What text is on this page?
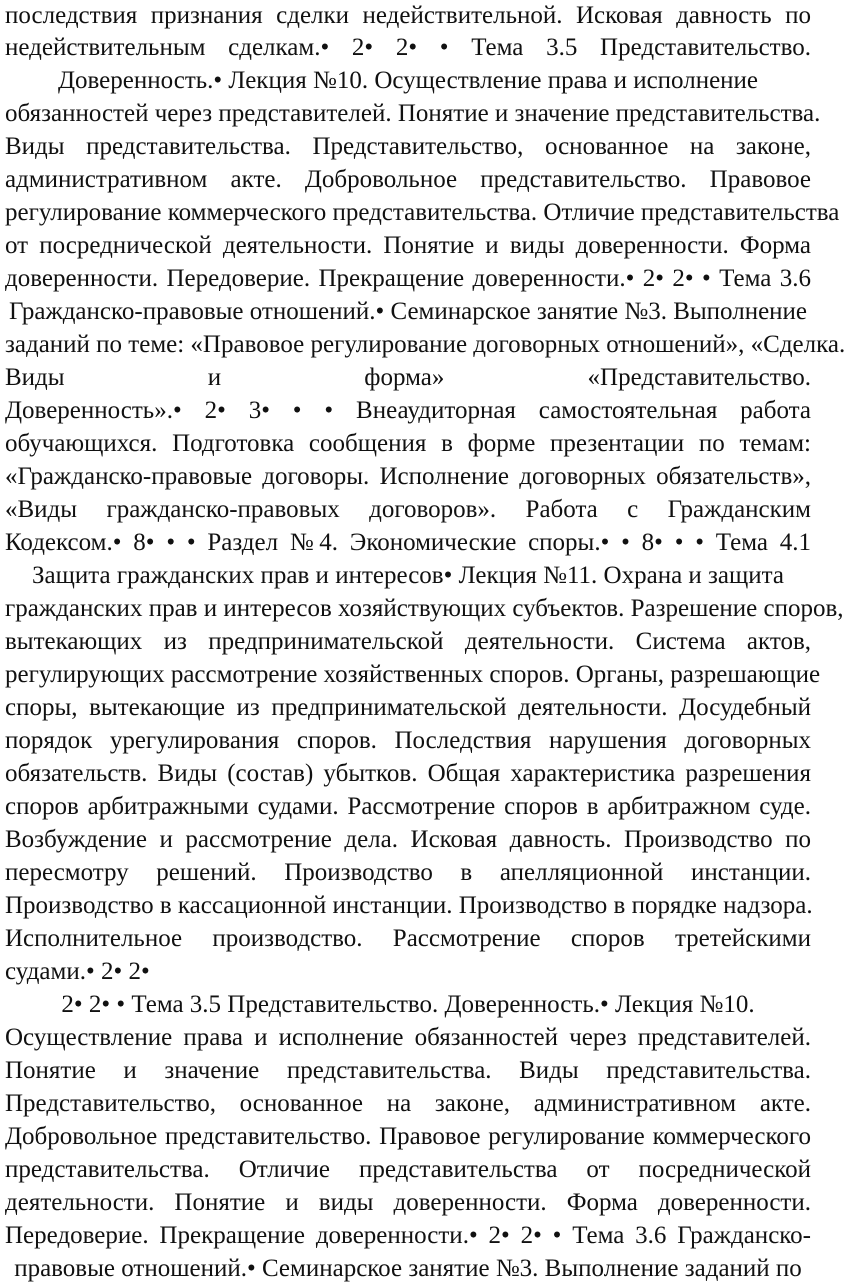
последствия признания сделки недействительной. Исковая давность по
недействительным сделкам.• 2• 2• • Тема 3.5 Представительство.
Доверенность.• Лекция №10. Осуществление права и исполнение
обязанностей через представителей. Понятие и значение представительства.
Виды представительства. Представительство, основанное на законе,
административном акте. Добровольное представительство. Правовое
регулирование коммерческого представительства. Отличие представительства
от посреднической деятельности. Понятие и виды доверенности. Форма
доверенности. Передоверие. Прекращение доверенности.• 2• 2• • Тема 3.6
Гражданско-правовые отношений.• Семинарское занятие №3. Выполнение
заданий по теме: «Правовое регулирование договорных отношений», «Сделка.
Виды и форма» «Представительство.
Доверенность».• 2• 3• • • Внеаудиторная самостоятельная работа
обучающихся. Подготовка сообщения в форме презентации по темам:
«Гражданско-правовые договоры. Исполнение договорных обязательств»,
«Виды гражданско-правовых договоров». Работа с Гражданским
Кодексом.• 8• • • Раздел №4. Экономические споры.• • 8• • • Тема 4.1
Защита гражданских прав и интересов• Лекция №11. Охрана и защита
гражданских прав и интересов хозяйствующих субъектов. Разрешение споров,
вытекающих из предпринимательской деятельности. Система актов,
регулирующих рассмотрение хозяйственных споров. Органы, разрешающие
споры, вытекающие из предпринимательской деятельности. Досудебный
порядок урегулирования споров. Последствия нарушения договорных
обязательств. Виды (состав) убытков. Общая характеристика разрешения
споров арбитражными судами. Рассмотрение споров в арбитражном суде.
Возбуждение и рассмотрение дела. Исковая давность. Производство по
пересмотру решений. Производство в апелляционной инстанции.
Производство в кассационной инстанции. Производство в порядке надзора.
Исполнительное производство. Рассмотрение споров третейскими
судами.• 2• 2•
2• 2• • Тема 3.5 Представительство. Доверенность.• Лекция №10.
Осуществление права и исполнение обязанностей через представителей.
Понятие и значение представительства. Виды представительства.
Представительство, основанное на законе, административном акте.
Добровольное представительство. Правовое регулирование коммерческого
представительства. Отличие представительства от посреднической
деятельности. Понятие и виды доверенности. Форма доверенности.
Передоверие. Прекращение доверенности.• 2• 2• • Тема 3.6 Гражданско-
правовые отношений.• Семинарское занятие №3. Выполнение заданий по
